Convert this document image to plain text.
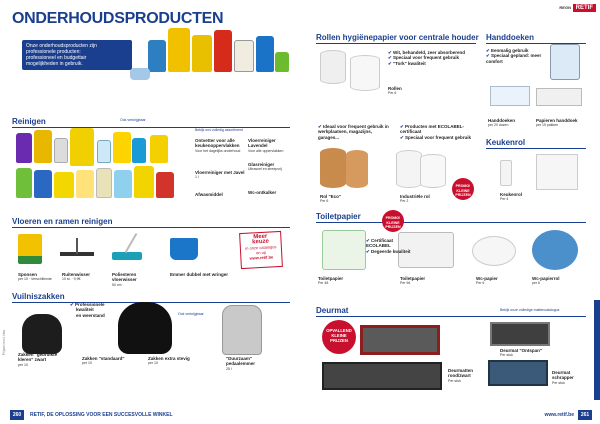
ONDERHOUDSPRODUCTEN
Onze onderhoudsproducten zijn
professionele producten:
professioneel en budgettair
mogelijkheden in gebruik.
Reinigen	Ook verkrijgbaar
Bekijk ons volledig assortiment
Ontvetter voor alle keukenoppervlakken
Voor het dagelijks onderhoud
Vloerreiniger Lavendel
Voor alle oppervlakken
Vloerreiniger met Javel
1 l
Glasreiniger
Ultrasnel en streepvrij
Afwasmiddel	Wc-ontkalker
Vloeren en ramen reinigen
Meer
keuze
in onze catalogus
en op
www.retif.be
Sponsen
per 10 · Verschillende
Ruitenwisser
10 st. · 9,9€
Poliesteren vloerwisser
50 cm
Emmer dubbel met wringer
Vuilniszakken
✔ Professionele
kwaliteit
en weerstand	Ook verkrijgbaar
Zakken "gebruikte kleren" zwart
per 10
Zakken "standaard"
per 10
Zakken extra stevig
per 10
"Duurzaam" pedaalemmer
25 l
Prijzen excl. btw
260	RETIF, DE OPLOSSING VOOR EEN SUCCESVOLLE WINKEL
REGN RETIF
Rollen hygiënepapier voor centrale houder Handdoeken
✔ Wit, behandeld, zeer absorberend
✔ Speciaal voor frequent gebruik
✔ "Tork" kwaliteit
Rollen
Per 6
✔ Eenmalig gebruik
✔ Speciaal gepland: meer comfort
Handdoeken
per 20 dozen
Papieren handdoek
per 15 pakken
✔ Ideaal voor frequent gebruik in werkplaatsen, magazijns, garages...
✔ Producten met ECOLABEL-certificaat
✔ Speciaal voor frequent gebruik
PROMO!
KLEINE PRIJZEN
Rol "Eco"
Per 6
Industriële rol
Per 2
Keukenrol
Keukenrol
Per 4
Toiletpapier	PROMO!
KLEINE PRIJZEN
✔ Certificaat ECOLABEL
✔ Degeerde kwaliteit
Toiletpapier
Per 48
Toiletpapier
Per 96
Wc-papier
Per 6
Wc-papierrol
per 6
Deurmat	Bekijk onze volledige mattencatalogus
OPVALLEND
KLEINE
PRIJZEN
Deurmat "Ontspan"
Per stuk
Deurmatten rood/zwart
Per stuk
Deurmat schrapper
Per stuk
www.retif.be	261
